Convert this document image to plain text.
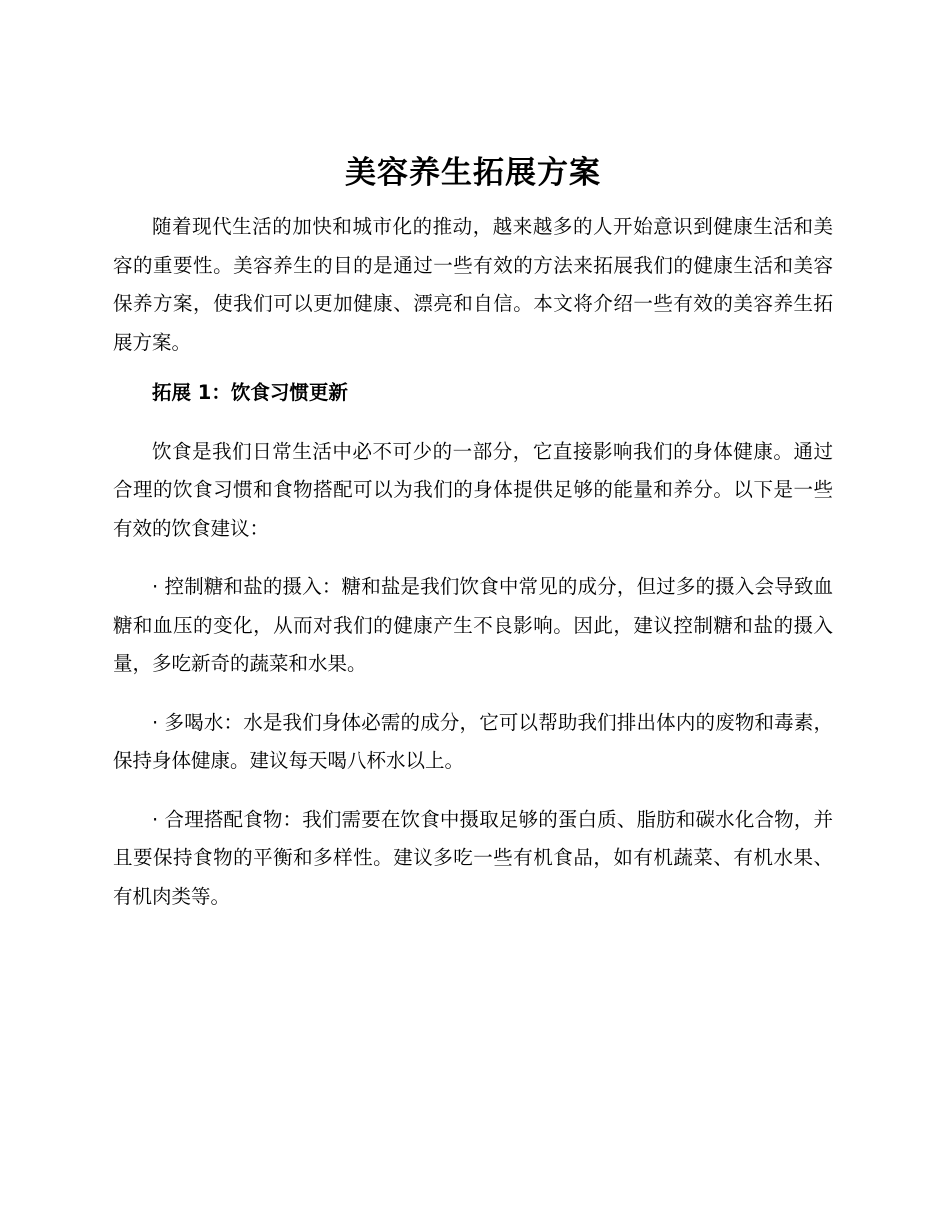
美容养生拓展方案

随着现代生活的加快和城市化的推动，越来越多的人开始意识到健康生活和美容的重要性。美容养生的目的是通过一些有效的方法来拓展我们的健康生活和美容保养方案，使我们可以更加健康、漂亮和自信。本文将介绍一些有效的美容养生拓展方案。

拓展 1：饮食习惯更新

饮食是我们日常生活中必不可少的一部分，它直接影响我们的身体健康。通过合理的饮食习惯和食物搭配可以为我们的身体提供足够的能量和养分。以下是一些有效的饮食建议：

· 控制糖和盐的摄入：糖和盐是我们饮食中常见的成分，但过多的摄入会导致血糖和血压的变化，从而对我们的健康产生不良影响。因此，建议控制糖和盐的摄入量，多吃新奇的蔬菜和水果。

· 多喝水：水是我们身体必需的成分，它可以帮助我们排出体内的废物和毒素，保持身体健康。建议每天喝八杯水以上。

· 合理搭配食物：我们需要在饮食中摄取足够的蛋白质、脂肪和碳水化合物，并且要保持食物的平衡和多样性。建议多吃一些有机食品，如有机蔬菜、有机水果、有机肉类等。
